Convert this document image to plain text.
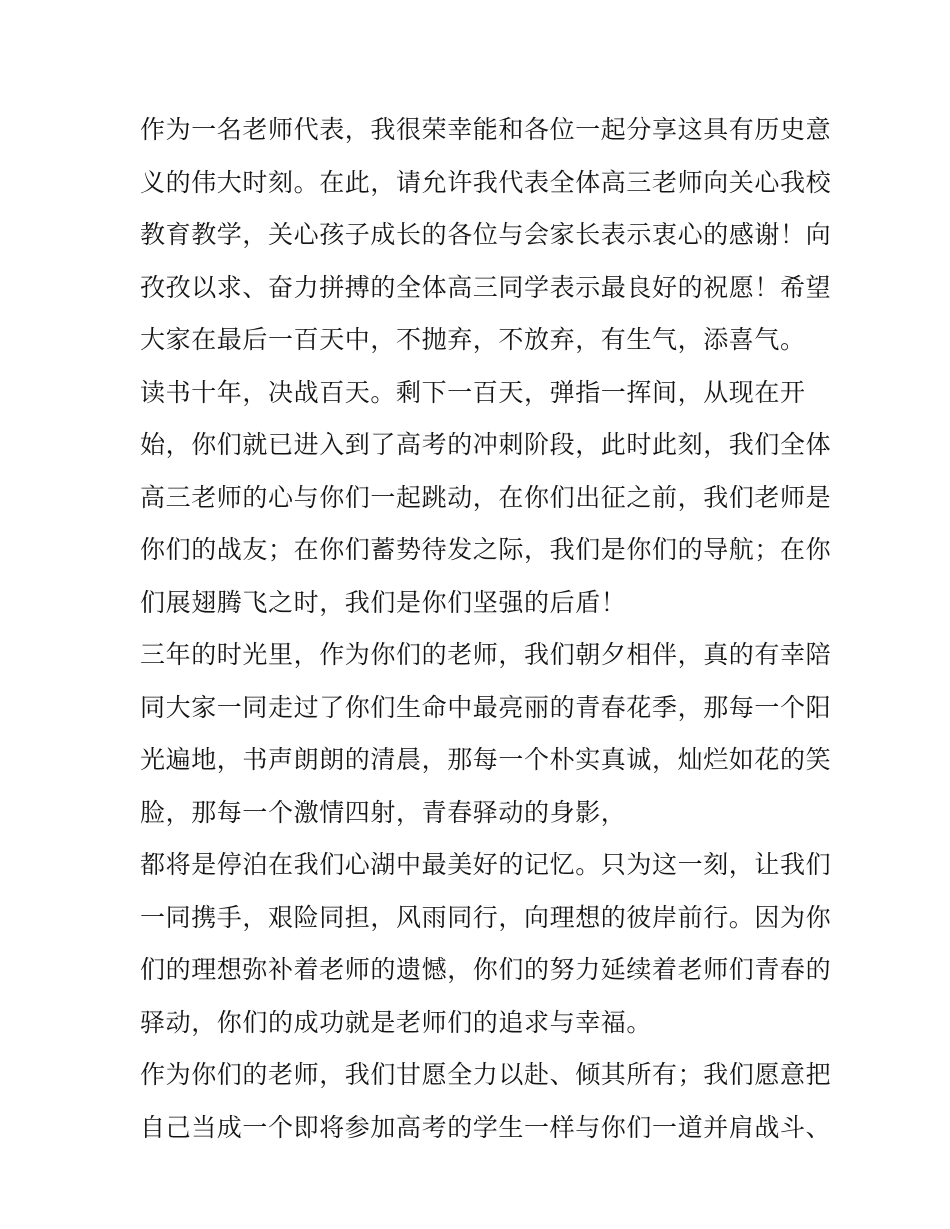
作为一名老师代表，我很荣幸能和各位一起分享这具有历史意
义的伟大时刻。在此，请允许我代表全体高三老师向关心我校
教育教学，关心孩子成长的各位与会家长表示衷心的感谢！向
孜孜以求、奋力拼搏的全体高三同学表示最良好的祝愿！希望
大家在最后一百天中，不抛弃，不放弃，有生气，添喜气。
读书十年，决战百天。剩下一百天，弹指一挥间，从现在开
始，你们就已进入到了高考的冲刺阶段，此时此刻，我们全体
高三老师的心与你们一起跳动，在你们出征之前，我们老师是
你们的战友；在你们蓄势待发之际，我们是你们的导航；在你
们展翅腾飞之时，我们是你们坚强的后盾！
三年的时光里，作为你们的老师，我们朝夕相伴，真的有幸陪
同大家一同走过了你们生命中最亮丽的青春花季，那每一个阳
光遍地，书声朗朗的清晨，那每一个朴实真诚，灿烂如花的笑
脸，那每一个激情四射，青春驿动的身影，
都将是停泊在我们心湖中最美好的记忆。只为这一刻，让我们
一同携手，艰险同担，风雨同行，向理想的彼岸前行。因为你
们的理想弥补着老师的遗憾，你们的努力延续着老师们青春的
驿动，你们的成功就是老师们的追求与幸福。
作为你们的老师，我们甘愿全力以赴、倾其所有；我们愿意把
自己当成一个即将参加高考的学生一样与你们一道并肩战斗、
